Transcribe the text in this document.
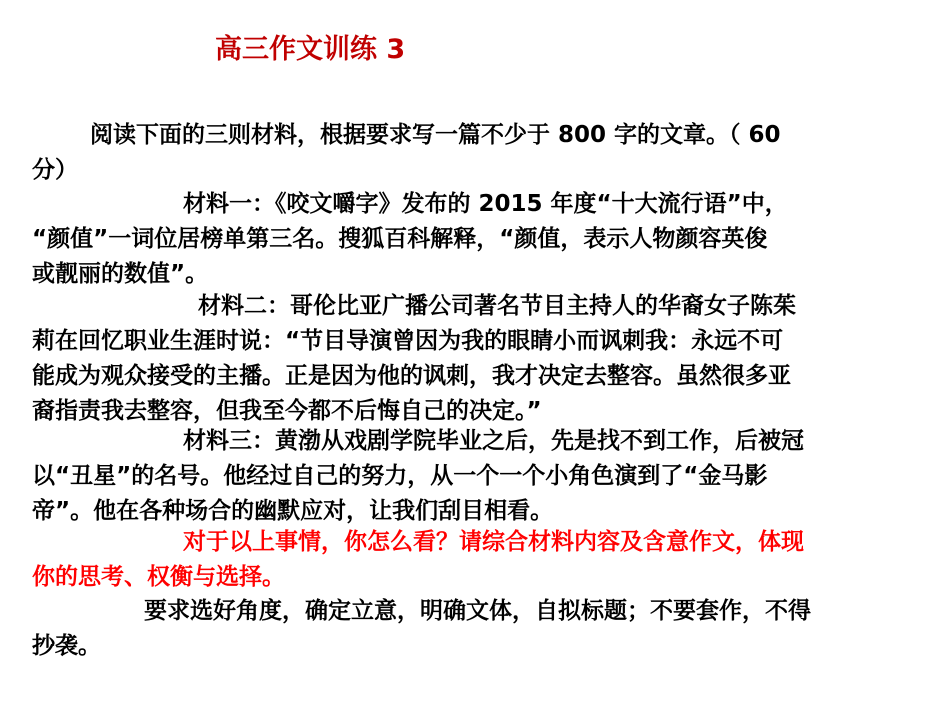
高三作文训练 3
阅读下面的三则材料，根据要求写一篇不少于 800 字的文章。（ 60
分）
材料一：《咬文嚼字》发布的 2015 年度“十大流行语”中，
“颜值”一词位居榜单第三名。搜狐百科解释，“颜值，表示人物颜容英俊
或靓丽的数值”。
材料二：哥伦比亚广播公司著名节目主持人的华裔女子陈茱
莉在回忆职业生涯时说：“节目导演曾因为我的眼睛小而讽刺我：永远不可
能成为观众接受的主播。正是因为他的讽刺，我才决定去整容。虽然很多亚
裔指责我去整容，但我至今都不后悔自己的决定。”
材料三：黄渤从戏剧学院毕业之后，先是找不到工作，后被冠
以“丑星”的名号。他经过自己的努力，从一个一个小角色演到了“金马影
帝”。他在各种场合的幽默应对，让我们刮目相看。
对于以上事情，你怎么看？请综合材料内容及含意作文，体现
你的思考、权衡与选择。
要求选好角度，确定立意，明确文体，自拟标题；不要套作，不得
抄袭。
